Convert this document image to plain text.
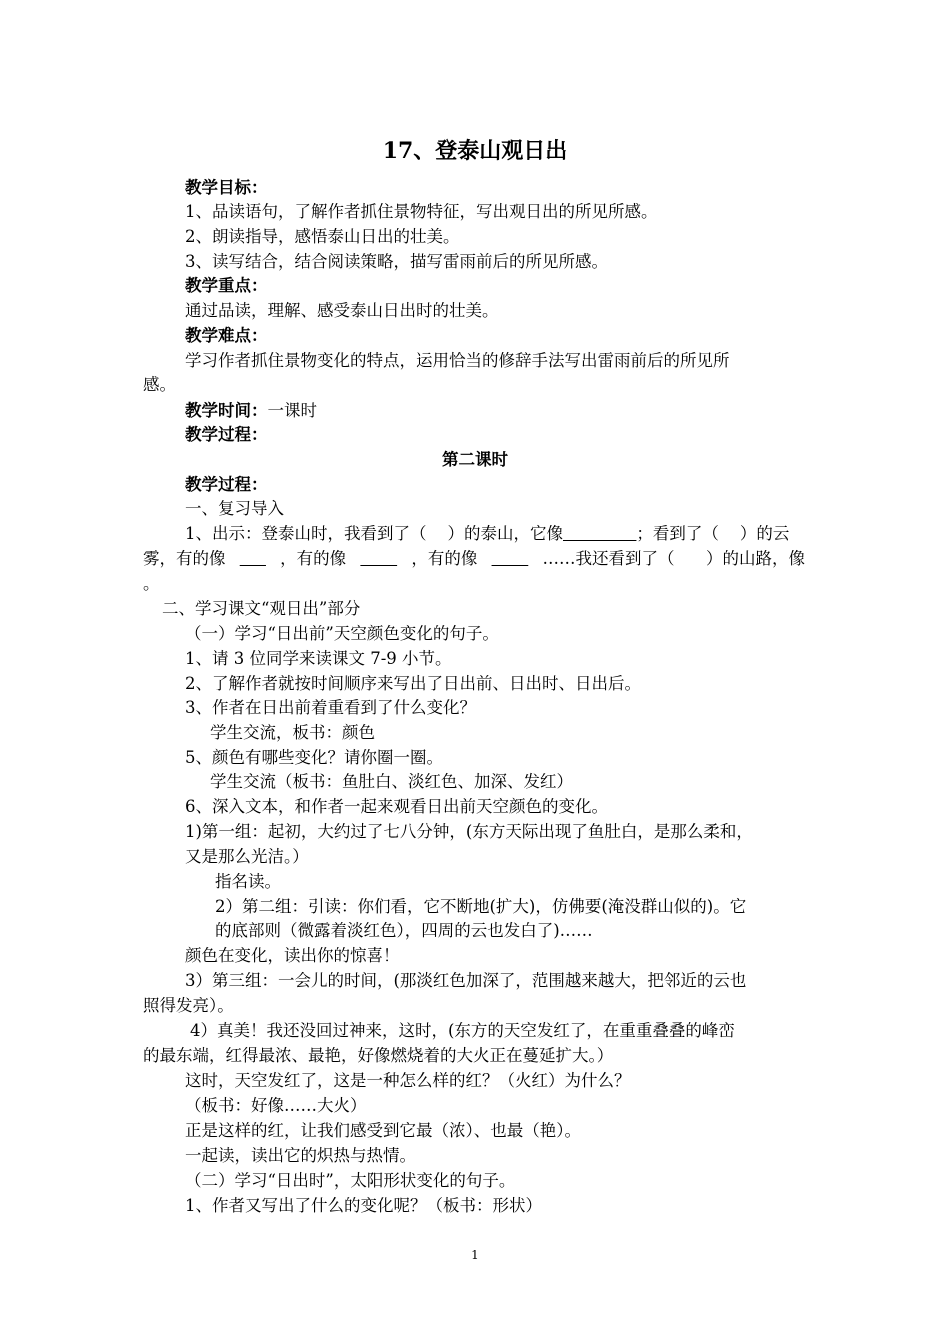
17、登泰山观日出
教学目标：
1、品读语句，了解作者抓住景物特征，写出观日出的所见所感。
2、朗读指导，感悟泰山日出的壮美。
3、读写结合，结合阅读策略，描写雷雨前后的所见所感。
教学重点：
通过品读，理解、感受泰山日出时的壮美。
教学难点：
学习作者抓住景物变化的特点，运用恰当的修辞手法写出雷雨前后的所见所
感。
教学时间：一课时
教学过程：
第二课时
教学过程：
一、复习导入
1、出示：登泰山时，我看到了（    ）的泰山，它像	；看到了（    ）的云
雾，有的像
	，有的像
	，有的像
	……我还看到了（      ）的山路，像
。
二、学习课文“观日出”部分
（一）学习“日出前”天空颜色变化的句子。
1、请 3 位同学来读课文 7-9 小节。
2、了解作者就按时间顺序来写出了日出前、日出时、日出后。
3、作者在日出前着重看到了什么变化？
学生交流，板书：颜色
5、颜色有哪些变化？请你圈一圈。
学生交流（板书：鱼肚白、淡红色、加深、发红）
6、深入文本，和作者一起来观看日出前天空颜色的变化。
1)第一组：起初，大约过了七八分钟，(东方天际出现了鱼肚白，是那么柔和，
又是那么光洁。）
指名读。
2）第二组：引读：你们看，它不断地(扩大)，仿佛要(淹没群山似的)。它
的底部则（微露着淡红色），四周的云也发白了)……
颜色在变化，读出你的惊喜！
3）第三组：一会儿的时间，(那淡红色加深了，范围越来越大，把邻近的云也
照得发亮）。
4）真美！我还没回过神来，这时，(东方的天空发红了，在重重叠叠的峰峦
的最东端，红得最浓、最艳，好像燃烧着的大火正在蔓延扩大。）
这时，天空发红了，这是一种怎么样的红？（火红）为什么？
（板书：好像……大火）
正是这样的红，让我们感受到它最（浓）、也最（艳）。
一起读，读出它的炽热与热情。
（二）学习“日出时”，太阳形状变化的句子。
1、作者又写出了什么的变化呢？（板书：形状）
1
